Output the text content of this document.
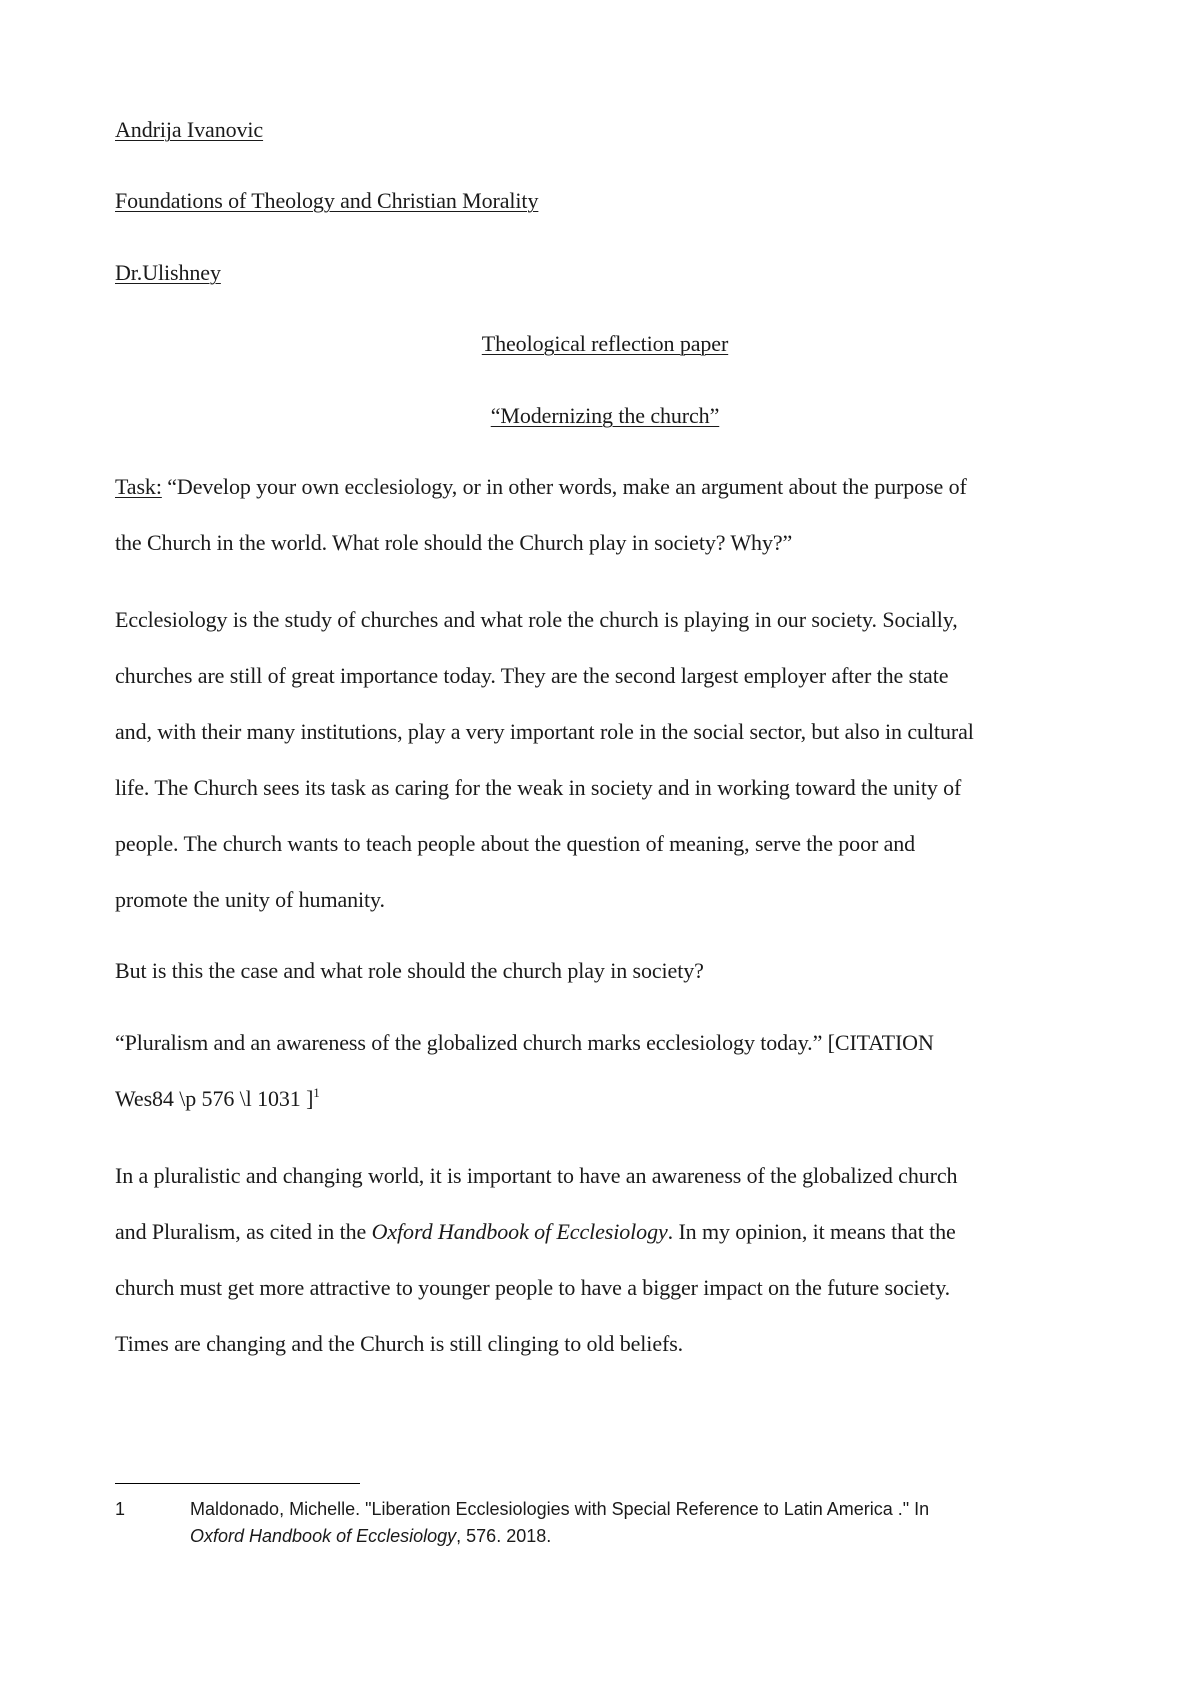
Andrija Ivanovic
Foundations of Theology and Christian Morality
Dr.Ulishney
Theological reflection paper
“Modernizing the church”
Task: “Develop your own ecclesiology, or in other words, make an argument about the purpose of
the Church in the world. What role should the Church play in society? Why?”
Ecclesiology is the study of churches and what role the church is playing in our society. Socially,
churches are still of great importance today. They are the second largest employer after the state
and, with their many institutions, play a very important role in the social sector, but also in cultural
life. The Church sees its task as caring for the weak in society and in working toward the unity of
people. The church wants to teach people about the question of meaning, serve the poor and
promote the unity of humanity.
But is this the case and what role should the church play in society?
“Pluralism and an awareness of the globalized church marks ecclesiology today.” [CITATION
Wes84 \p 576 \l 1031 ]$^1$
In a pluralistic and changing world, it is important to have an awareness of the globalized church
and Pluralism, as cited in the Oxford Handbook of Ecclesiology. In my opinion, it means that the
church must get more attractive to younger people to have a bigger impact on the future society.
Times are changing and the Church is still clinging to old beliefs.
1	Maldonado, Michelle. "Liberation Ecclesiologies with Special Reference to Latin America ." In
Oxford Handbook of Ecclesiology, 576. 2018.
